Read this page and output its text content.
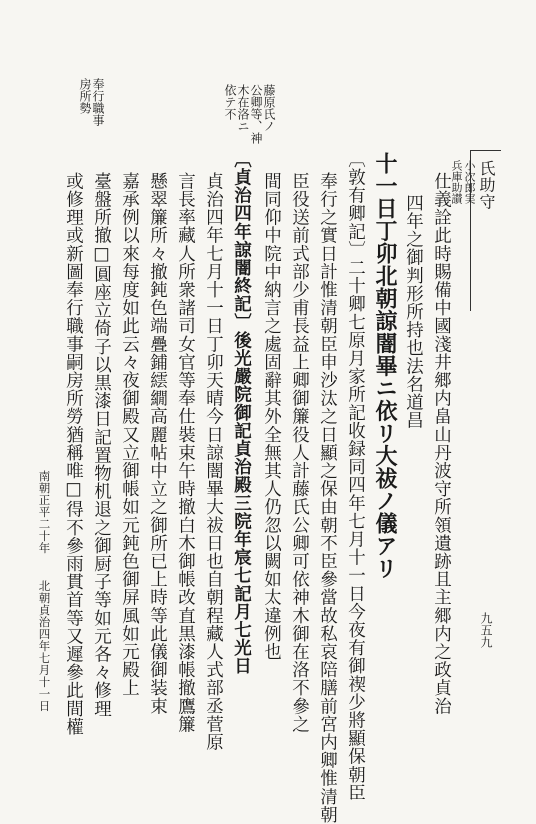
藤原氏ノ
公卿等、神
木在洛ニ
依テ不
奉行職事
房所勢
氏助守
小次郎実
兵庫助讃
仕義詮此時賜備中國淺井郷内畠山丹波守所領遺跡且主郷内之政貞治
四年之御判形所持也法名道昌
十一日丁卯北朝諒闇畢ニ依リ大祓ノ儀アリ
〔敦有卿記〕二十卿七原月家所記收録同四年七月十一日今夜有御禊少將顯保朝臣
奉行之實日計惟清朝臣申沙汰之日顯之保由朝不臣參當故私哀陪膳前宮内卿惟清朝
臣役送前式部少甫長益上卿御簾役人計藤氏公卿可依神木御在洛不參之
間同仰中院中納言之處固辭其外全無其人仍忽以闕如太違例也
〔貞治四年諒闇終記〕後光嚴院御記貞治殿三院年宸七記月七光日
貞治四年七月十一日丁卯天晴今日諒闇畢大祓日也自朝程藏人式部丞菅原
言長率藏人所衆諸司女官等奉仕裝束午時撤白木御帳改直黒漆帳撤鷹簾
懸翠簾所々撤鈍色端疊鋪繧繝高麗帖中立之御所已上時等此儀御装束
嘉承例以來每度如此云々夜御殿又立御帳如元鈍色御屏風如元殿上
臺盤所撤□圓座立倚子以黒漆日記置物机退之御厨子等如元各々修理
或修理或新圖奉行職事嗣房所勞猶稱唯□得不參雨貫首等又遲參此間權
南朝正平二十年
北朝貞治四年七月十一日	九五九
